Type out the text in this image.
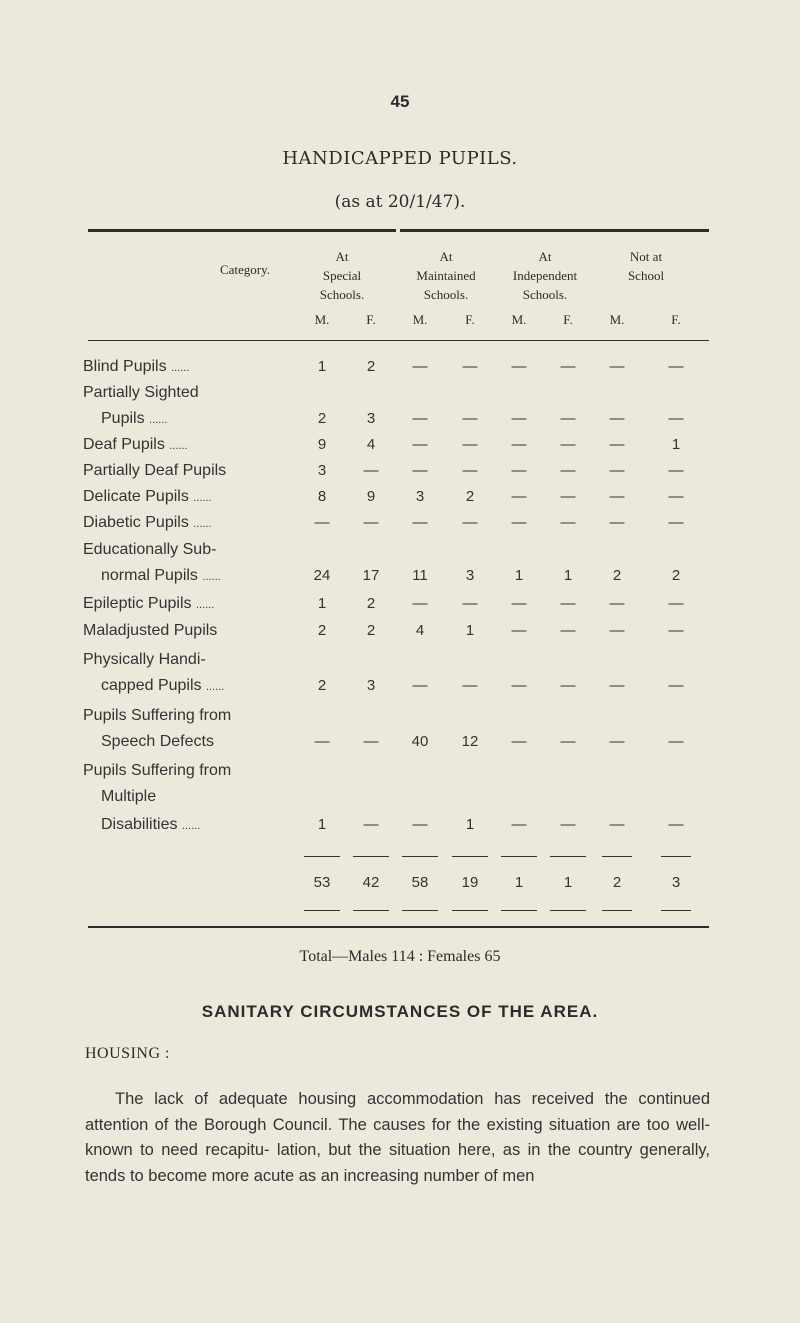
45
HANDICAPPED PUPILS.
(as at 20/1/47).
Category.
At
Special
Schools.
At
Maintained
Schools.
At
Independent
Schools.
Not at
School

M.	F.	M.	F.	M.	F.	M.	F.
Blind Pupils ......	1	2	—	—	—	—	—	—
Partially Sighted
Pupils ......	2	3	—	—	—	—	—	—
Deaf Pupils ......	9	4	—	—	—	—	—	1
Partially Deaf Pupils	3	—	—	—	—	—	—	—
Delicate Pupils ......	8	9	3	2	—	—	—	—
Diabetic Pupils ......	—	—	—	—	—	—	—	—
Educationally Sub-
normal Pupils ......	24	17	11	3	1	1	2	2
Epileptic Pupils ......	1	2	—	—	—	—	—	—
Maladjusted Pupils	2	2	4	1	—	—	—	—
Physically Handi-
capped Pupils ......	2	3	—	—	—	—	—	—
Pupils Suffering from
Speech Defects	—	—	40	12	—	—	—	—
Pupils Suffering from
Multiple
Disabilities ......	1	—	—	1	—	—	—	—
53	42	58	19	1	1	2	3
Total—Males 114 : Females 65
SANITARY CIRCUMSTANCES OF THE AREA.
HOUSING :
The lack of adequate housing accommodation has received the continued attention of the Borough Council. The causes for the existing situation are too well-known to need recapitu- lation, but the situation here, as in the country generally, tends to become more acute as an increasing number of men
